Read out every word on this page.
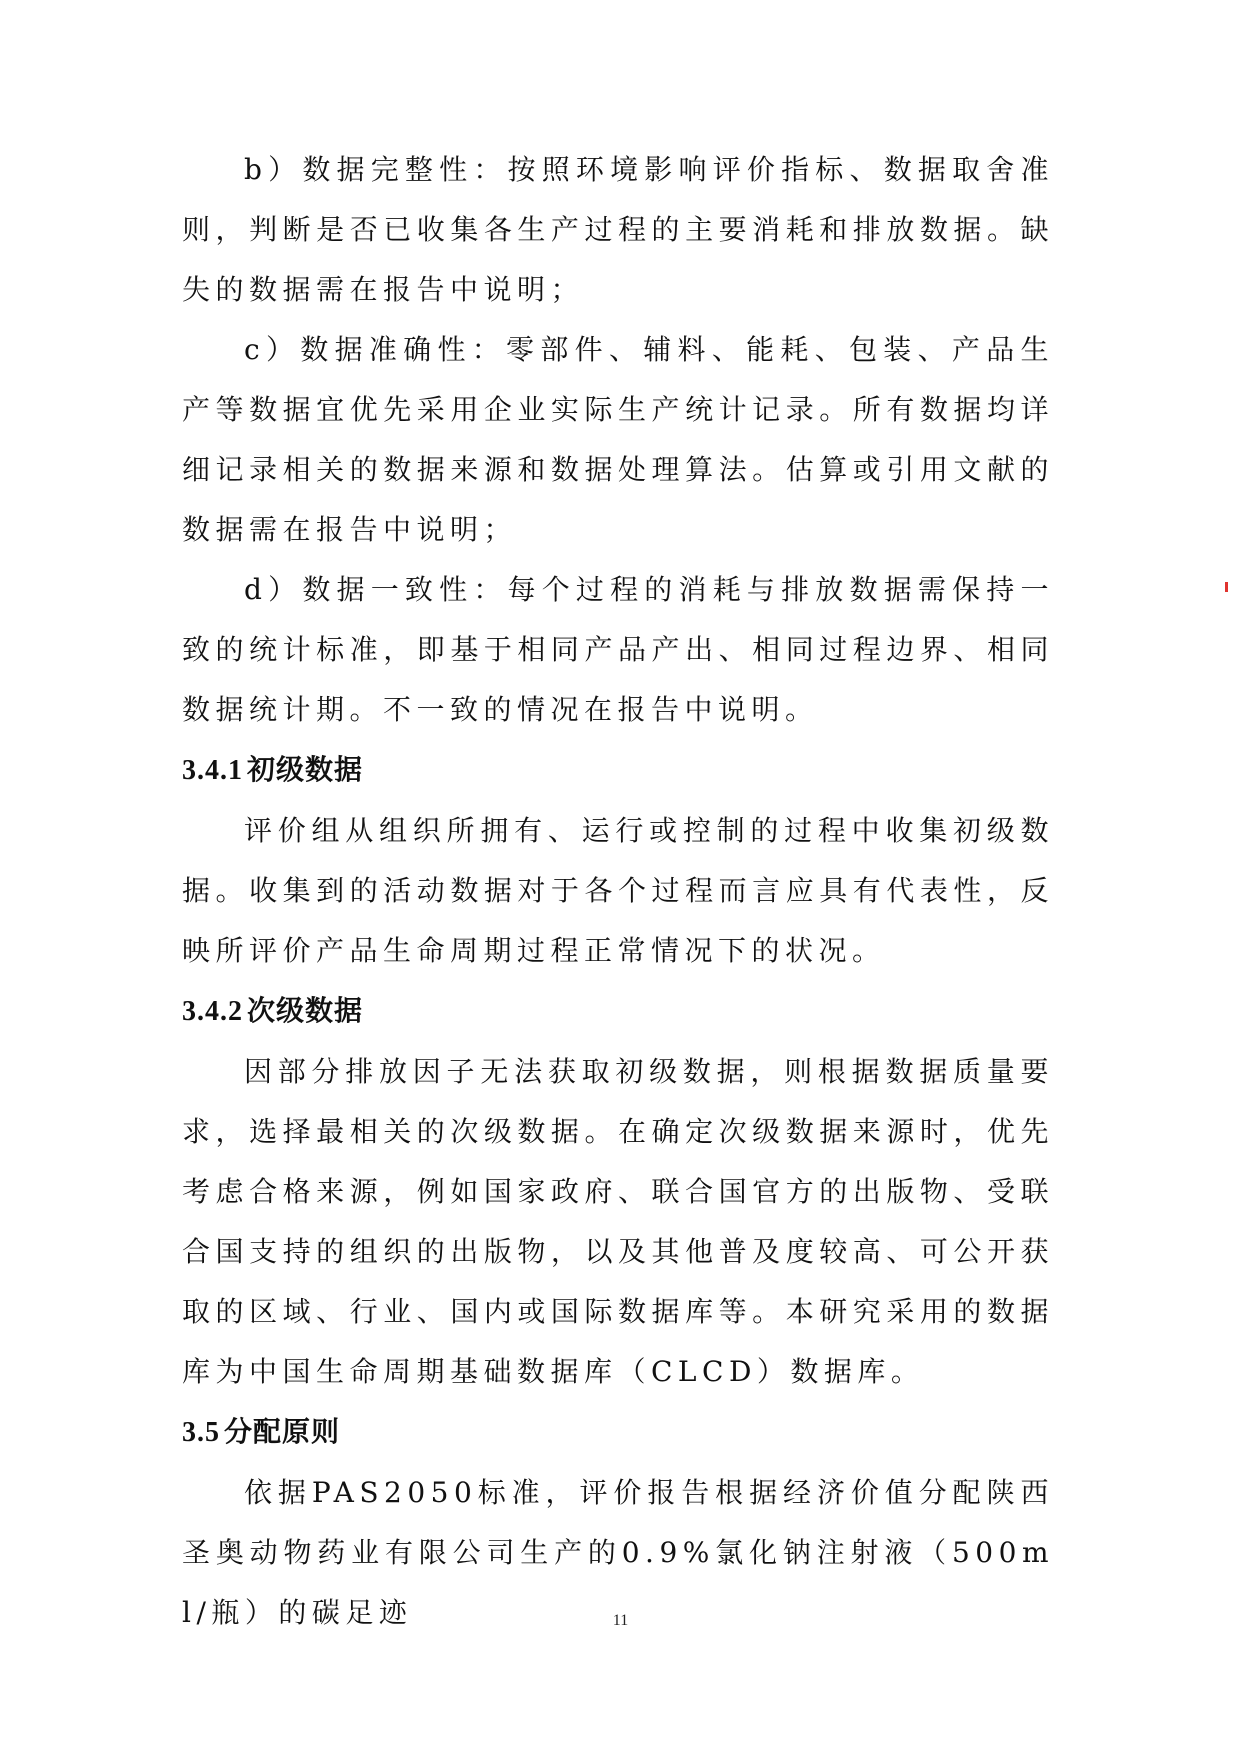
b）数据完整性：按照环境影响评价指标、数据取舍准则，判断是否已收集各生产过程的主要消耗和排放数据。缺失的数据需在报告中说明；

c）数据准确性：零部件、辅料、能耗、包装、产品生产等数据宜优先采用企业实际生产统计记录。所有数据均详细记录相关的数据来源和数据处理算法。估算或引用文献的数据需在报告中说明；

d）数据一致性：每个过程的消耗与排放数据需保持一致的统计标准，即基于相同产品产出、相同过程边界、相同数据统计期。不一致的情况在报告中说明。

3.4.1 初级数据

评价组从组织所拥有、运行或控制的过程中收集初级数据。收集到的活动数据对于各个过程而言应具有代表性，反映所评价产品生命周期过程正常情况下的状况。

3.4.2 次级数据

因部分排放因子无法获取初级数据，则根据数据质量要求，选择最相关的次级数据。在确定次级数据来源时，优先考虑合格来源，例如国家政府、联合国官方的出版物、受联合国支持的组织的出版物，以及其他普及度较高、可公开获取的区域、行业、国内或国际数据库等。本研究采用的数据库为中国生命周期基础数据库（CLCD）数据库。

3.5 分配原则

依据PAS2050标准，评价报告根据经济价值分配陕西圣奥动物药业有限公司生产的0.9%氯化钠注射液（500ml/瓶）的碳足迹	11
